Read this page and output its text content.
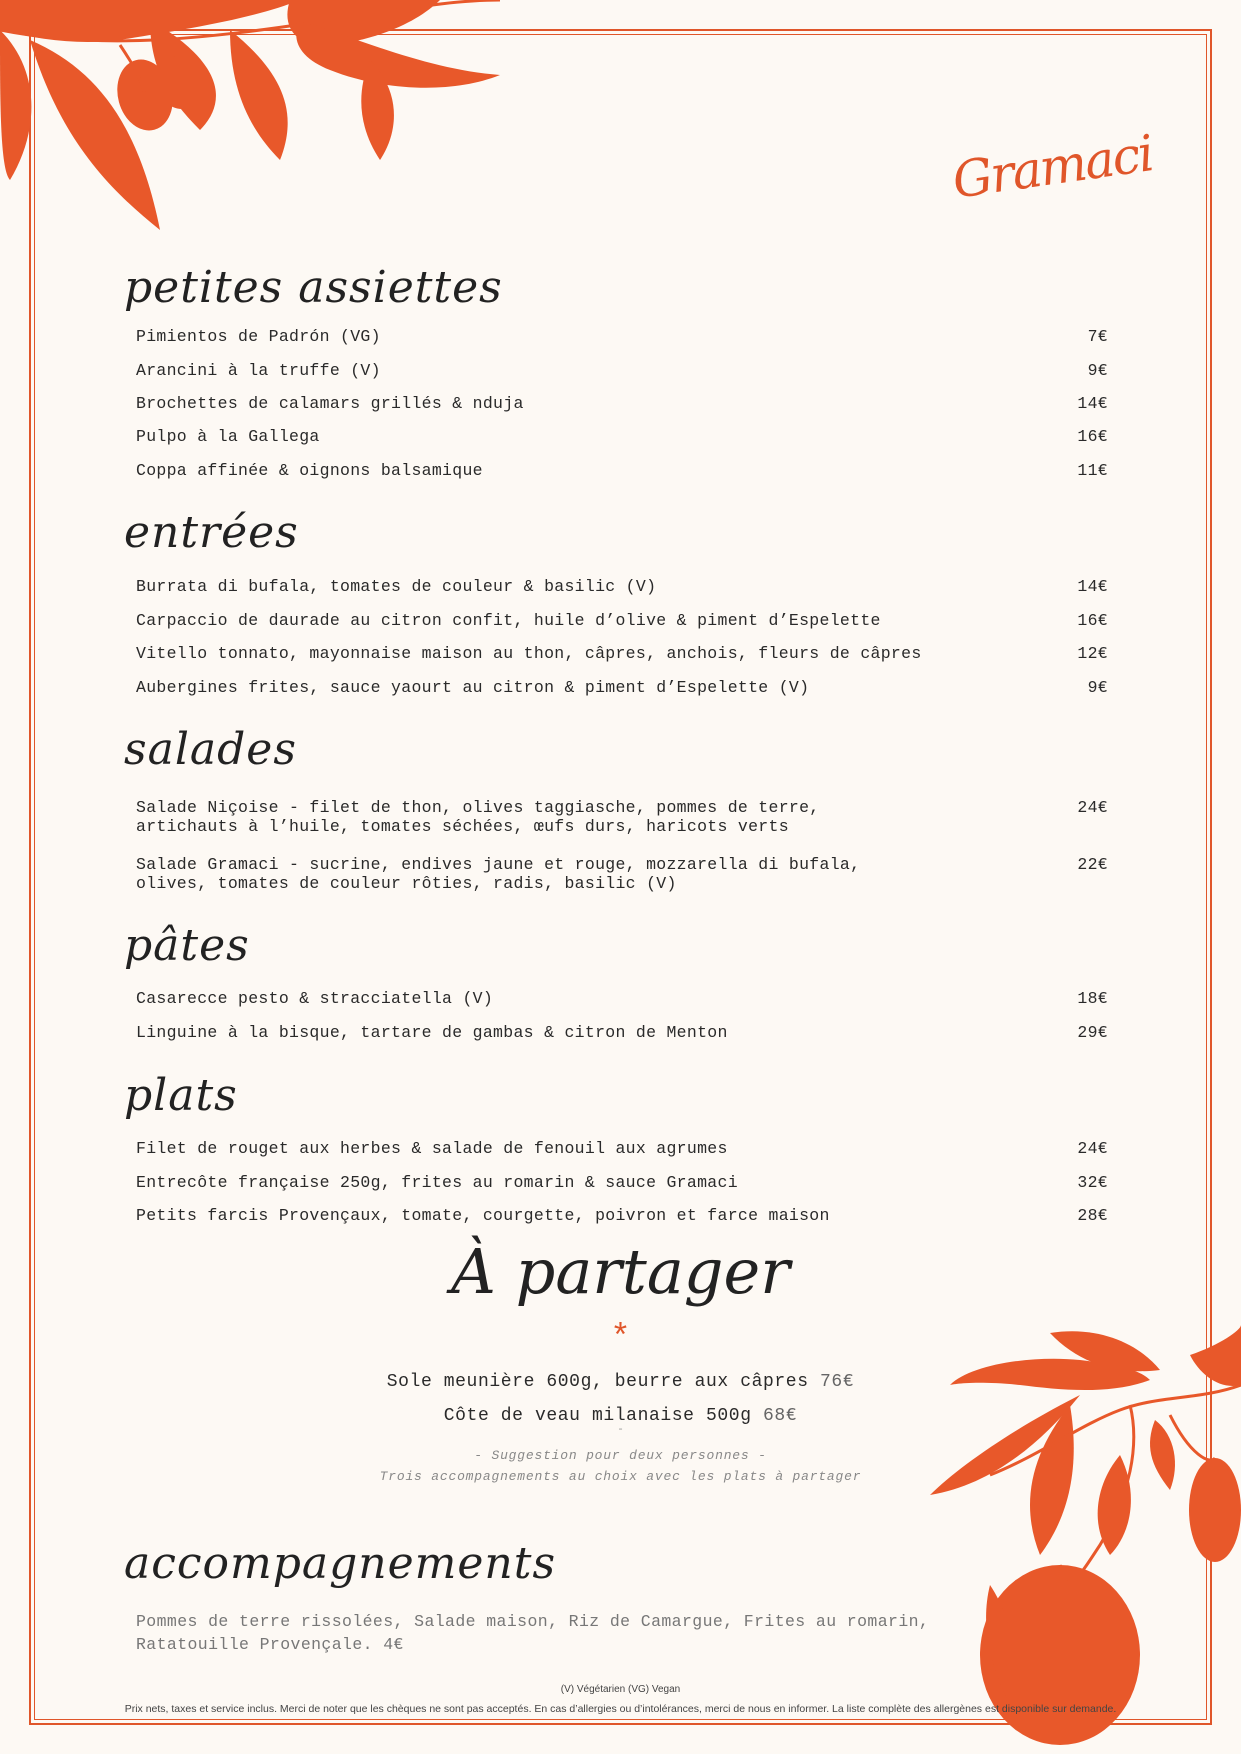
Gramaci
petites assiettes
Pimientos de Padrón (VG)	7€
Arancini à la truffe (V)	9€
Brochettes de calamars grillés & nduja	14€
Pulpo à la Gallega	16€
Coppa affinée & oignons balsamique	11€
entrées
Burrata di bufala, tomates de couleur & basilic (V)	14€
Carpaccio de daurade au citron confit, huile d’olive & piment d’Espelette	16€
Vitello tonnato, mayonnaise maison au thon, câpres, anchois, fleurs de câpres	12€
Aubergines frites, sauce yaourt au citron & piment d’Espelette (V)	9€
salades
Salade Niçoise - filet de thon, olives taggiasche, pommes de terre,
artichauts à l’huile, tomates séchées, œufs durs, haricots verts
24€
Salade Gramaci - sucrine, endives jaune et rouge, mozzarella di bufala,
olives, tomates de couleur rôties, radis, basilic (V)
22€
pâtes
Casarecce pesto & stracciatella (V)	18€
Linguine à la bisque, tartare de gambas & citron de Menton	29€
plats
Filet de rouget aux herbes & salade de fenouil aux agrumes	24€
Entrecôte française 250g, frites au romarin & sauce Gramaci	32€
Petits farcis Provençaux, tomate, courgette, poivron et farce maison	28€
À partager
*
Sole meunière 600g, beurre aux câpres 76€
Côte de veau milanaise 500g 68€
-
- Suggestion pour deux personnes -
Trois accompagnements au choix avec les plats à partager
accompagnements
Pommes de terre rissolées, Salade maison, Riz de Camargue, Frites au romarin,
Ratatouille Provençale. 4€
(V) Végétarien (VG) Vegan
Prix nets, taxes et service inclus. Merci de noter que les chèques ne sont pas acceptés. En cas d’allergies ou d’intolérances, merci de nous en informer. La liste complète des allergènes est disponible sur demande.
